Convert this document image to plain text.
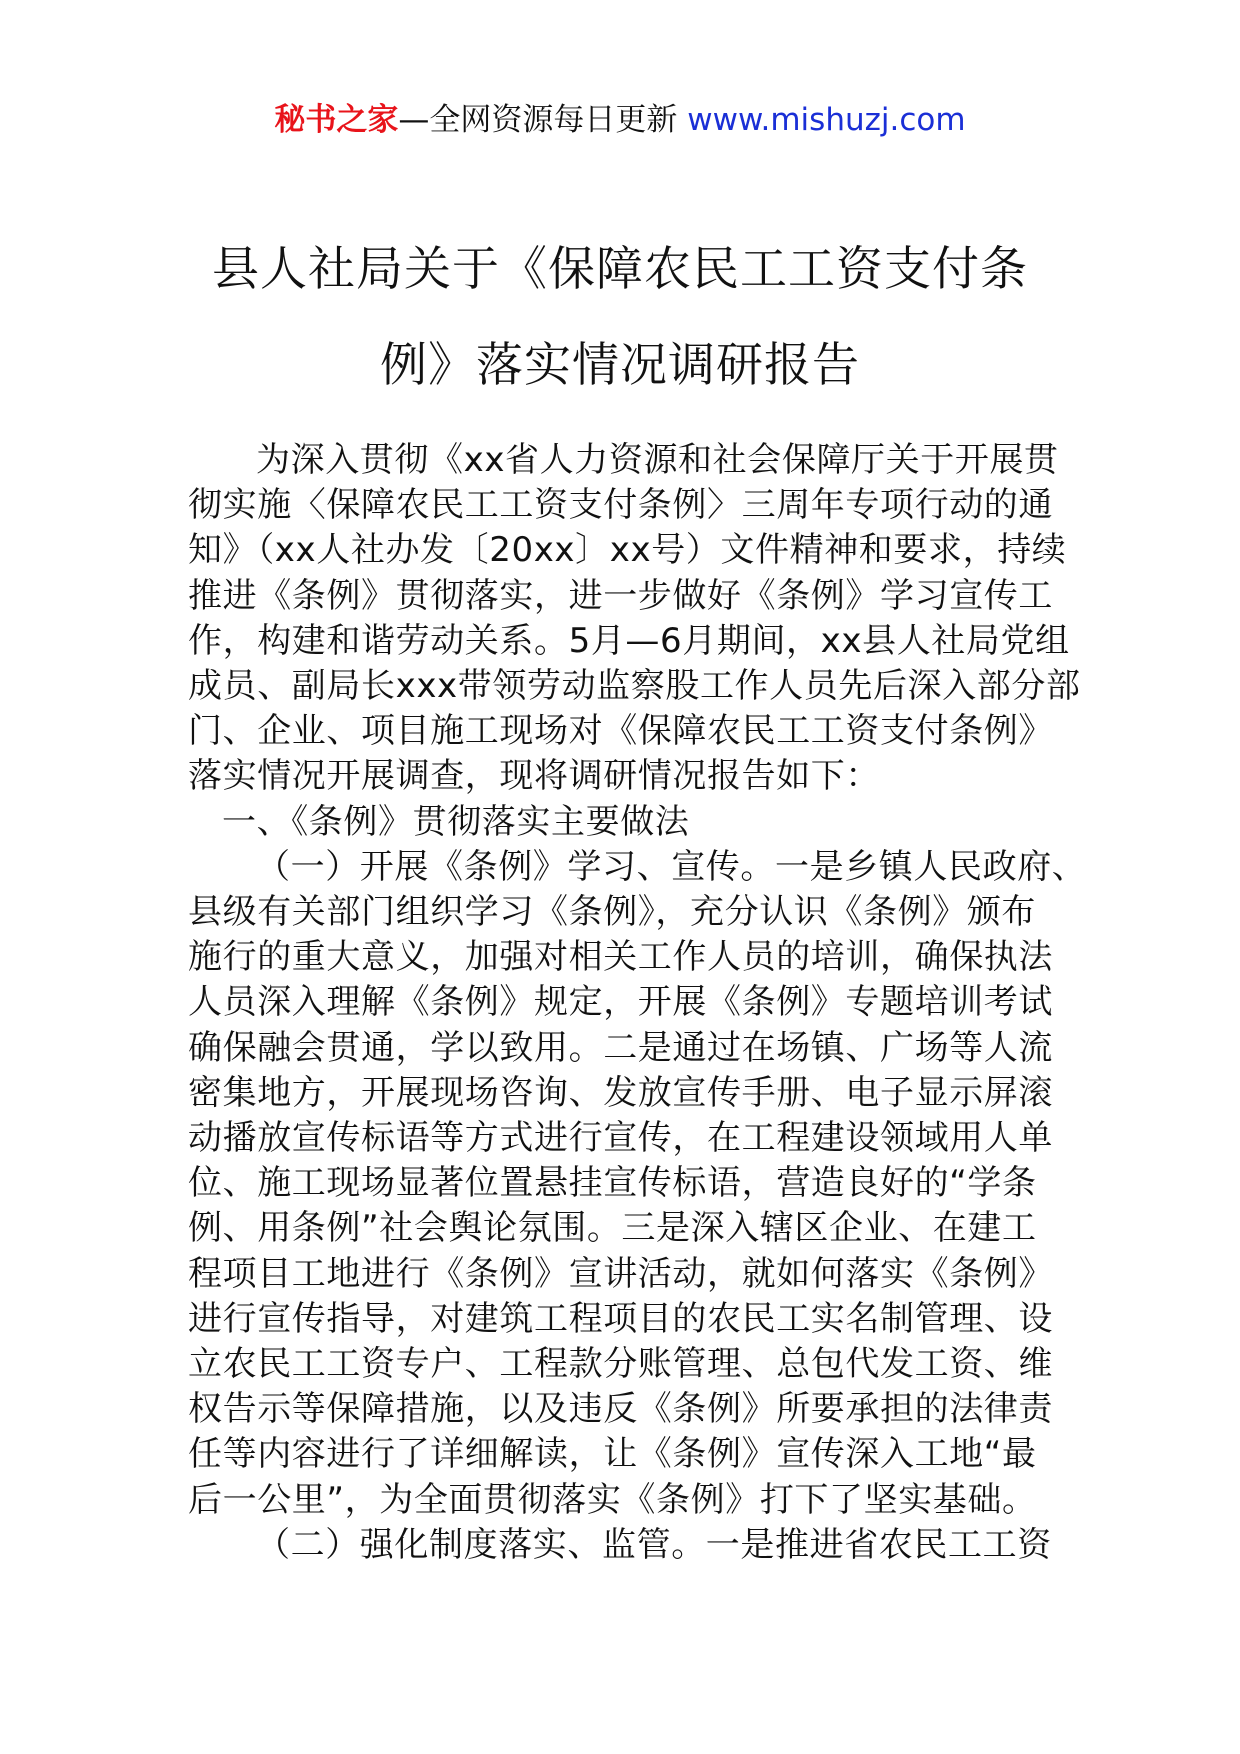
秘书之家—全网资源每日更新 www.mishuzj.com
县人社局关于《保障农民工工资支付条
例》落实情况调研报告
为深入贯彻《xx省人力资源和社会保障厅关于开展贯
彻实施〈保障农民工工资支付条例〉三周年专项行动的通
知》（xx人社办发〔20xx〕xx号）文件精神和要求，持续
推进《条例》贯彻落实，进一步做好《条例》学习宣传工
作，构建和谐劳动关系。5月—6月期间，xx县人社局党组
成员、副局长xxx带领劳动监察股工作人员先后深入部分部
门、企业、项目施工现场对《保障农民工工资支付条例》
落实情况开展调查，现将调研情况报告如下：
一、《条例》贯彻落实主要做法
（一）开展《条例》学习、宣传。一是乡镇人民政府、
县级有关部门组织学习《条例》，充分认识《条例》颁布
施行的重大意义，加强对相关工作人员的培训，确保执法
人员深入理解《条例》规定，开展《条例》专题培训考试
确保融会贯通，学以致用。二是通过在场镇、广场等人流
密集地方，开展现场咨询、发放宣传手册、电子显示屏滚
动播放宣传标语等方式进行宣传，在工程建设领域用人单
位、施工现场显著位置悬挂宣传标语，营造良好的“学条
例、用条例”社会舆论氛围。三是深入辖区企业、在建工
程项目工地进行《条例》宣讲活动，就如何落实《条例》
进行宣传指导，对建筑工程项目的农民工实名制管理、设
立农民工工资专户、工程款分账管理、总包代发工资、维
权告示等保障措施，以及违反《条例》所要承担的法律责
任等内容进行了详细解读，让《条例》宣传深入工地“最
后一公里”，为全面贯彻落实《条例》打下了坚实基础。
（二）强化制度落实、监管。一是推进省农民工工资
